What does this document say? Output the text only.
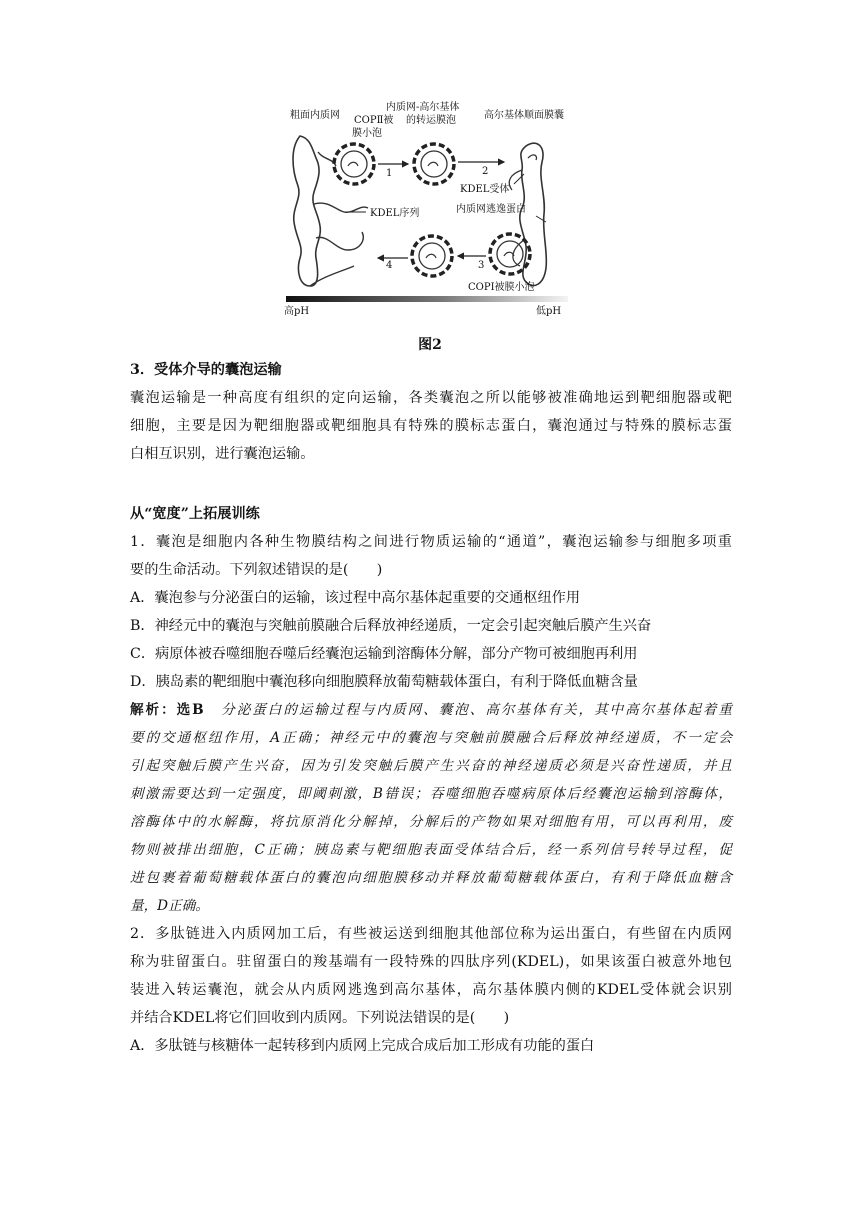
粗面内质网
内质网-高尔基体
的转运膜泡	高尔基体顺面膜囊
COPⅡ被
膜小泡
KDEL受体
KDEL序列	内质网逃逸蛋白
COPⅠ被膜小泡
1	2
3
4
高pH	低pH
图2
3．受体介导的囊泡运输
囊泡运输是一种高度有组织的定向运输，各类囊泡之所以能够被准确地运到靶细胞器或靶
细胞，主要是因为靶细胞器或靶细胞具有特殊的膜标志蛋白，囊泡通过与特殊的膜标志蛋
白相互识别，进行囊泡运输。
从“宽度”上拓展训练
1．囊泡是细胞内各种生物膜结构之间进行物质运输的“通道”，囊泡运输参与细胞多项重
要的生命活动。下列叙述错误的是(　　)
A．囊泡参与分泌蛋白的运输，该过程中高尔基体起重要的交通枢纽作用
B．神经元中的囊泡与突触前膜融合后释放神经递质，一定会引起突触后膜产生兴奋
C．病原体被吞噬细胞吞噬后经囊泡运输到溶酶体分解，部分产物可被细胞再利用
D．胰岛素的靶细胞中囊泡移向细胞膜释放葡萄糖载体蛋白，有利于降低血糖含量
解析：选B　 分泌蛋白的运输过程与内质网、囊泡、高尔基体有关，其中高尔基体起着重
要的交通枢纽作用，A正确；神经元中的囊泡与突触前膜融合后释放神经递质，不一定会
引起突触后膜产生兴奋，因为引发突触后膜产生兴奋的神经递质必须是兴奋性递质，并且
刺激需要达到一定强度，即阈刺激，B错误；吞噬细胞吞噬病原体后经囊泡运输到溶酶体，
溶酶体中的水解酶，将抗原消化分解掉，分解后的产物如果对细胞有用，可以再利用，废
物则被排出细胞，C正确；胰岛素与靶细胞表面受体结合后，经一系列信号转导过程，促
进包裹着葡萄糖载体蛋白的囊泡向细胞膜移动并释放葡萄糖载体蛋白，有利于降低血糖含
量，D正确。
2．多肽链进入内质网加工后，有些被运送到细胞其他部位称为运出蛋白，有些留在内质网
称为驻留蛋白。驻留蛋白的羧基端有一段特殊的四肽序列(KDEL)，如果该蛋白被意外地包
装进入转运囊泡，就会从内质网逃逸到高尔基体，高尔基体膜内侧的KDEL受体就会识别
并结合KDEL将它们回收到内质网。下列说法错误的是(　　)
A．多肽链与核糖体一起转移到内质网上完成合成后加工形成有功能的蛋白
